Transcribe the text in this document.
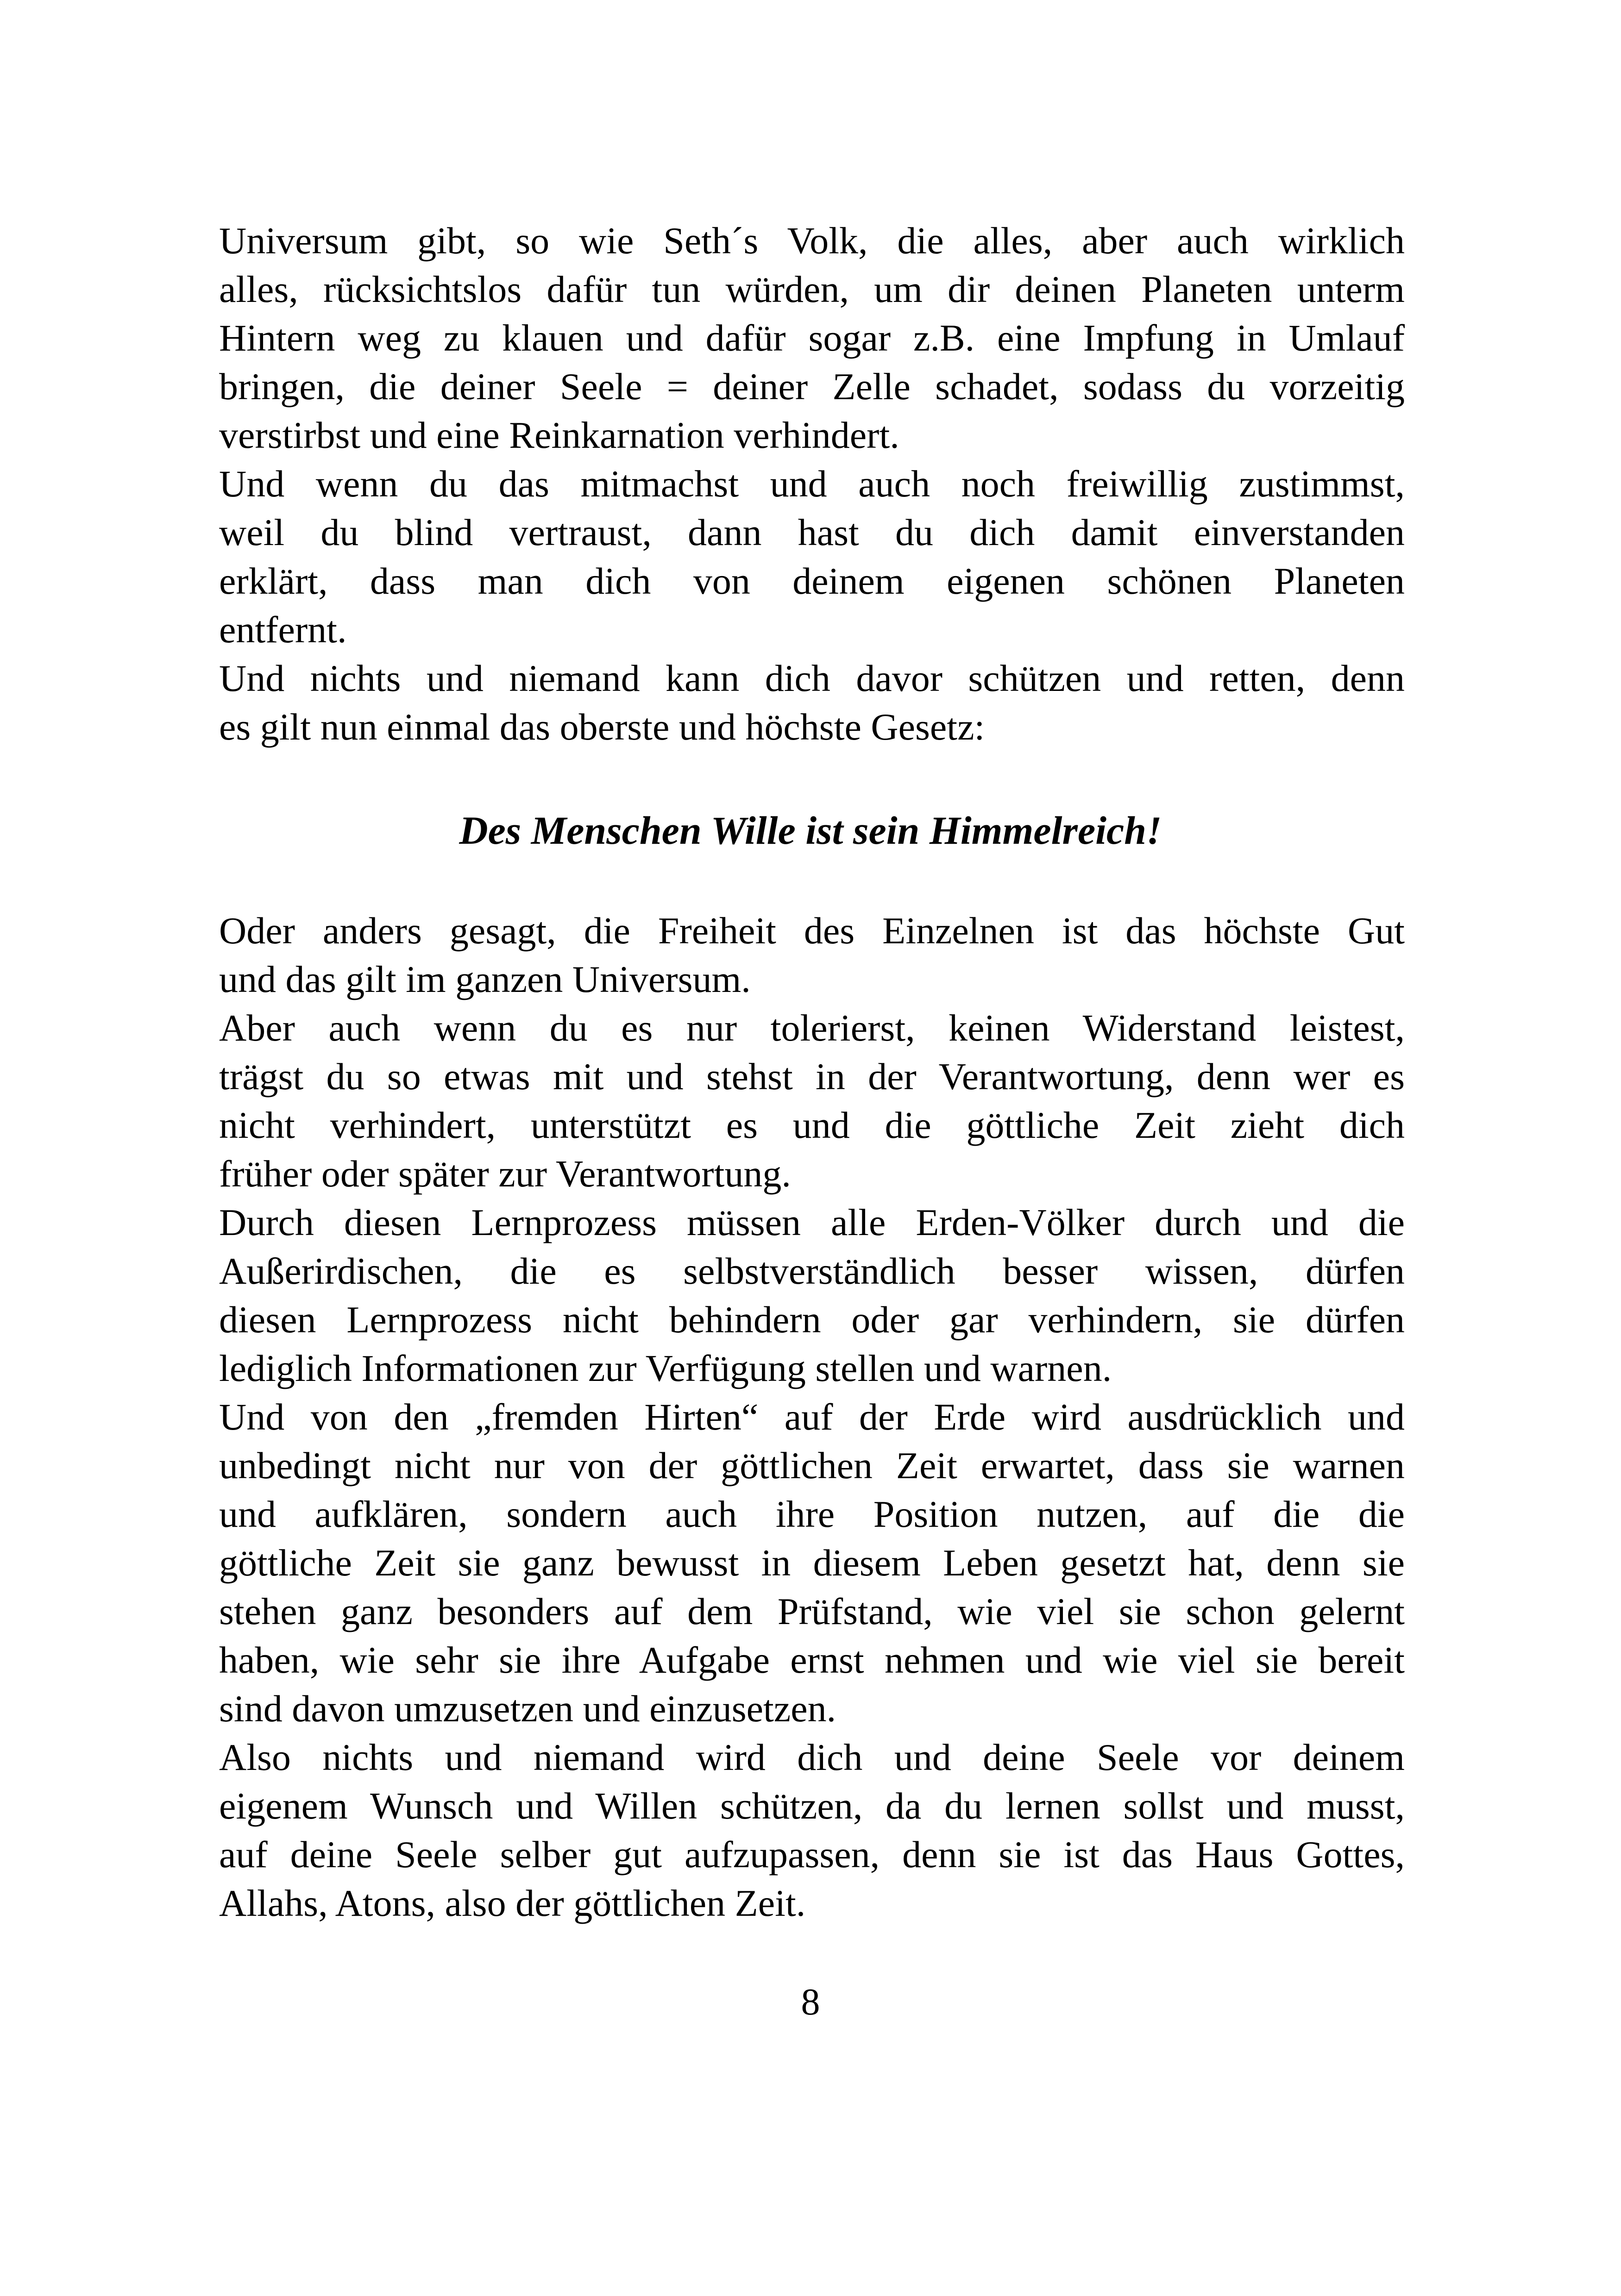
Universum gibt, so wie Seth´s Volk, die alles, aber auch wirklich
alles, rücksichtslos dafür tun würden, um dir deinen Planeten unterm
Hintern weg zu klauen und dafür sogar z.B. eine Impfung in Umlauf
bringen, die deiner Seele = deiner Zelle schadet, sodass du vorzeitig
verstirbst und eine Reinkarnation verhindert.
Und wenn du das mitmachst und auch noch freiwillig zustimmst,
weil du blind vertraust, dann hast du dich damit einverstanden
erklärt, dass man dich von deinem eigenen schönen Planeten
entfernt.
Und nichts und niemand kann dich davor schützen und retten, denn
es gilt nun einmal das oberste und höchste Gesetz:
Oder anders gesagt, die Freiheit des Einzelnen ist das höchste Gut
und das gilt im ganzen Universum.
Aber auch wenn du es nur tolerierst, keinen Widerstand leistest,
trägst du so etwas mit und stehst in der Verantwortung, denn wer es
nicht verhindert, unterstützt es und die göttliche Zeit zieht dich
früher oder später zur Verantwortung.
Durch diesen Lernprozess müssen alle Erden-Völker durch und die
Außerirdischen, die es selbstverständlich besser wissen, dürfen
diesen Lernprozess nicht behindern oder gar verhindern, sie dürfen
lediglich Informationen zur Verfügung stellen und warnen.
Und von den „fremden Hirten“ auf der Erde wird ausdrücklich und
unbedingt nicht nur von der göttlichen Zeit erwartet, dass sie warnen
und aufklären, sondern auch ihre Position nutzen, auf die die
göttliche Zeit sie ganz bewusst in diesem Leben gesetzt hat, denn sie
stehen ganz besonders auf dem Prüfstand, wie viel sie schon gelernt
haben, wie sehr sie ihre Aufgabe ernst nehmen und wie viel sie bereit
sind davon umzusetzen und einzusetzen.
Also nichts und niemand wird dich und deine Seele vor deinem
eigenem Wunsch und Willen schützen, da du lernen sollst und musst,
auf deine Seele selber gut aufzupassen, denn sie ist das Haus Gottes,
Allahs, Atons, also der göttlichen Zeit.
Des Menschen Wille ist sein Himmelreich!
8
